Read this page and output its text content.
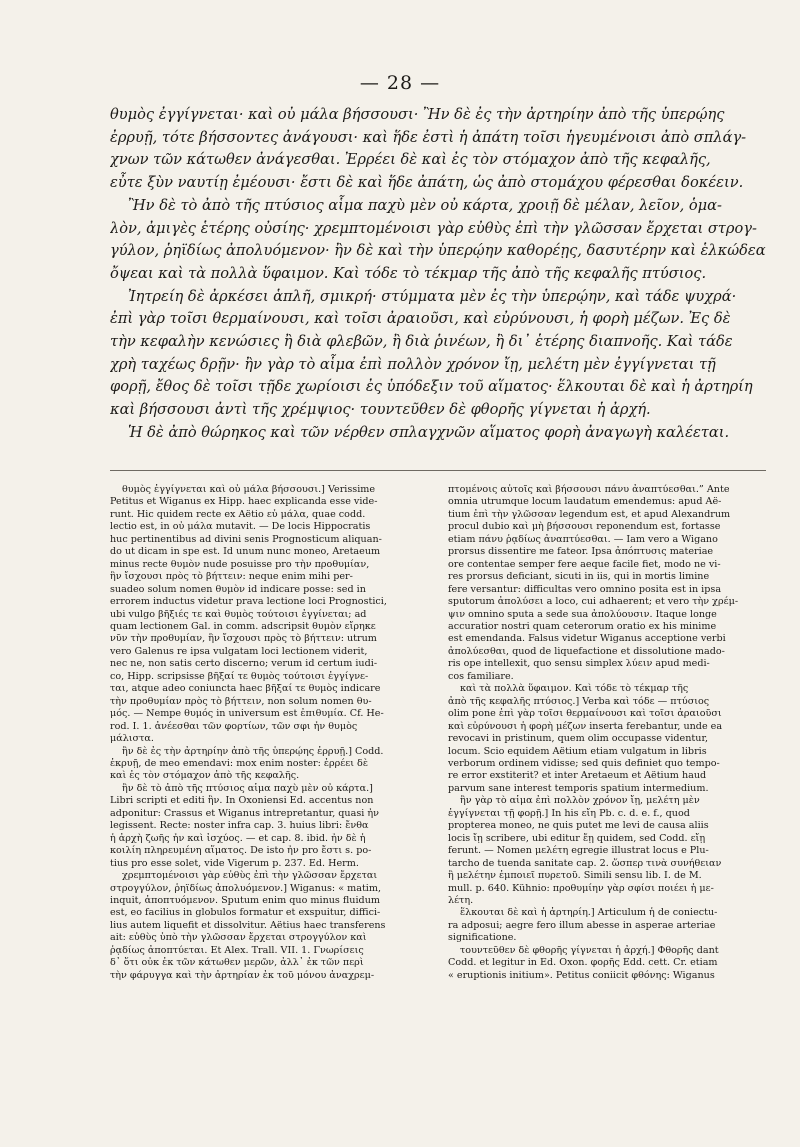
— 28 —
θυμὸς ἐγγίγνεται· καὶ οὐ μάλα βήσσουσι· Ἢν δὲ ἐς τὴν ἀρτηρίην ἀπὸ τῆς ὑπερῴης
ἐρρυῇ, τότε βήσσοντες ἀνάγουσι· καὶ ἥδε ἐστὶ ἡ ἀπάτη τοῖσι ἡγευμένοισι ἀπὸ σπλάγ-
χνων τῶν κάτωθεν ἀνάγεσθαι. Ἐρρέει δὲ καὶ ἐς τὸν στόμαχον ἀπὸ τῆς κεφαλῆς,
εὖτε ξὺν ναυτίῃ ἐμέουσι· ἔστι δὲ καὶ ἥδε ἀπάτη, ὡς ἀπὸ στομάχου φέρεσθαι δοκέειν.
Ἢν δὲ τὸ ἀπὸ τῆς πτύσιος αἷμα παχὺ μὲν οὐ κάρτα, χροιῇ δὲ μέλαν, λεῖον, ὁμα-
λὸν, ἀμιγὲς ἑτέρης οὐσίης· χρεμπτομένοισι γὰρ εὐθὺς ἐπὶ τὴν γλῶσσαν ἔρχεται στρογ-
γύλον, ῥηϊδίως ἀπολυόμενον· ἢν δὲ καὶ τὴν ὑπερῴην καθορέῃς, δασυτέρην καὶ ἑλκώδεα
ὄψεαι καὶ τὰ πολλὰ ὕφαιμον. Καὶ τόδε τὸ τέκμαρ τῆς ἀπὸ τῆς κεφαλῆς πτύσιος.
Ἰητρείη δὲ ἀρκέσει ἁπλῆ, σμικρή· στύμματα μὲν ἐς τὴν ὑπερῴην, καὶ τάδε ψυχρά·
ἐπὶ γὰρ τοῖσι θερμαίνουσι, καὶ τοῖσι ἀραιοῦσι, καὶ εὐρύνουσι, ἡ φορὴ μέζων. Ἐς δὲ
τὴν κεφαλὴν κενώσιες ἢ διὰ φλεβῶν, ἢ διὰ ῥινέων, ἢ δι᾽ ἑτέρης διαπνοῆς. Καὶ τάδε
χρὴ ταχέως δρῇν· ἢν γὰρ τὸ αἷμα ἐπὶ πολλὸν χρόνον ἴῃ, μελέτη μὲν ἐγγίγνεται τῇ
φορῇ, ἔθος δὲ τοῖσι τῇδε χωρίοισι ἐς ὑπόδεξιν τοῦ αἵματος· ἕλκουται δὲ καὶ ἡ ἀρτηρίη
καὶ βήσσουσι ἀντὶ τῆς χρέμψιος· τουντεῦθεν δὲ φθορῆς γίγνεται ἡ ἀρχή.
Ἡ δὲ ἀπὸ θώρηκος καὶ τῶν νέρθεν σπλαγχνῶν αἵματος φορὴ ἀναγωγὴ καλέεται.
θυμὸς ἐγγίγνεται καὶ οὐ μάλα βήσσουσι.] Verissime
Petitus et Wiganus ex Hipp. haec explicanda esse vide-
runt. Hic quidem recte ex Aëtio εὖ μάλα, quae codd.
lectio est, in οὐ μάλα mutavit. — De locis Hippocratis
huc pertinentibus ad divini senis Prognosticum aliquan-
do ut dicam in spe est. Id unum nunc moneo, Aretaeum
minus recte θυμὸν nude posuisse pro τὴν προθυμίαν,
ἣν ἴσχουσι πρὸς τὸ βήττειν: neque enim mihi per-
suadeo solum nomen θυμὸν id indicare posse: sed in
errorem inductus videtur prava lectione loci Prognostici,
ubi vulgo βῆξιές τε καὶ θυμὸς τούτοισι ἐγγίνεται; ad
quam lectionem Gal. in comm. adscripsit θυμὸν εἴρηκε
νῦν τὴν προθυμίαν, ἣν ἴσχουσι πρὸς τὸ βήττειν: utrum
vero Galenus re ipsa vulgatam loci lectionem viderit,
nec ne, non satis certo discerno; verum id certum iudi-
co, Hipp. scripsisse βῆξαί τε θυμὸς τούτοισι ἐγγίγνε-
ται, atque adeo coniuncta haec βῆξαί τε θυμὸς indicare
τὴν προθυμίαν πρὸς τὸ βήττειν, non solum nomen θυ-
μός. — Nempe θυμός in universum est ἐπιθυμία. Cf. He-
rod. I. 1. ἀνέεσθαι τῶν φορτίων, τῶν σφι ἦν θυμὸς
μάλιστα.
ἢν δὲ ἐς τὴν ἀρτηρίην ἀπὸ τῆς ὑπερῴης ἐρρυῇ.] Codd.
ἐκρυῇ, de meo emendavi: mox enim noster: ἐρρέει δὲ
καὶ ἐς τὸν στόμαχον ἀπὸ τῆς κεφαλῆς.
ἢν δὲ τὸ ἀπὸ τῆς πτύσιος αἷμα παχὺ μὲν οὐ κάρτα.]
Libri scripti et editi ἣν. In Oxoniensi Ed. accentus non
adponitur: Crassus et Wiganus intrepretantur, quasi ἦν
legissent. Recte: noster infra cap. 3. huius libri: ἔνθα
ἡ ἀρχὴ ζωῆς ἦν καὶ ἰσχύος. — et cap. 8. ibid. ἦν δὲ ἡ
κοιλίη πληρευμένη αἵματος. De isto ἦν pro ἔστι s. po-
tius pro esse solet, vide Vigerum p. 237. Ed. Herm.
χρεμπτομένοισι γὰρ εὐθὺς ἐπὶ τὴν γλῶσσαν ἔρχεται
στρογγύλον, ῥηϊδίως ἀπολυόμενον.] Wiganus: « matim,
inquit, ἀποπτυόμενον. Sputum enim quo minus fluidum
est, eo facilius in globulos formatur et exspuitur, diffici-
lius autem liquefit et dissolvitur. Aëtius haec transferens
ait: εὐθὺς ὑπὸ τὴν γλῶσσαν ἔρχεται στρογγύλον καὶ
ῥᾳδίως ἀποπτύεται. Et Alex. Trall. VII. 1. Γνωρίσεις
δ᾽ ὅτι οὐκ ἐκ τῶν κάτωθεν μερῶν, ἀλλ᾽ ἐκ τῶν περὶ
τὴν φάρυγγα καὶ τὴν ἀρτηρίαν ἐκ τοῦ μόνου ἀναχρεμ-
πτομένοις αὐτοῖς καὶ βήσσουσι πάνυ ἀναπτύεσθαι.” Ante
omnia utrumque locum laudatum emendemus: apud Aë-
tium ἐπὶ τὴν γλῶσσαν legendum est, et apud Alexandrum
procul dubio καὶ μὴ βήσσουσι reponendum est, fortasse
etiam πάνυ ῥᾳδίως ἀναπτύεσθαι. — Iam vero a Wigano
prorsus dissentire me fateor. Ipsa ἀπόπτυσις materiae
ore contentae semper fere aeque facile fiet, modo ne vi-
res prorsus deficiant, sicuti in iis, qui in mortis limine
fere versantur: difficultas vero omnino posita est in ipsa
sputorum ἀπολύσει a loco, cui adhaerent; et vero τὴν χρέμ-
ψιν omnino sputa a sede sua ἀπολύουσιν. Itaque longe
accuratior nostri quam ceterorum oratio ex his minime
est emendanda. Falsus videtur Wiganus acceptione verbi
ἀπολύεσθαι, quod de liquefactione et dissolutione mado-
ris ope intellexit, quo sensu simplex λύειν apud medi-
cos familiare.
καὶ τὰ πολλὰ ὕφαιμον. Καὶ τόδε τὸ τέκμαρ τῆς
ἀπὸ τῆς κεφαλῆς πτύσιος.] Verba καὶ τόδε — πτύσιος
olim pone ἐπὶ γὰρ τοῖσι θερμαίνουσι καὶ τοῖσι ἀραιοῦσι
καὶ εὐρύνουσι ἡ φορὴ μέζων inserta ferebantur, unde ea
revocavi in pristinum, quem olim occupasse videntur,
locum. Scio equidem Aëtium etiam vulgatum in libris
verborum ordinem vidisse; sed quis definiet quo tempo-
re error exstiterit? et inter Aretaeum et Aëtium haud
parvum sane interest temporis spatium intermedium.
ἢν γὰρ τὸ αἷμα ἐπὶ πολλὸν χρόνον ἴῃ, μελέτη μὲν
ἐγγίγνεται τῇ φορῇ.] In his εἴη Pb. c. d. e. f., quod
propterea moneo, ne quis putet me levi de causa aliis
locis ἴῃ scribere, ubi editur ἔῃ quidem, sed Codd. εἴῃ
ferunt. — Nomen μελέτη egregie illustrat locus e Plu-
tarcho de tuenda sanitate cap. 2. ὥσπερ τινὰ συνήθειαν
ἢ μελέτην ἐμποιεῖ πυρετοῦ. Simili sensu lib. I. de M.
mull. p. 640. Kühnio: προθυμίην γὰρ σφίσι ποιέει ἡ με-
λέτη.
ἕλκουται δὲ καὶ ἡ ἀρτηρίη.] Articulum ἡ de coniectu-
ra adposui; aegre fero illum abesse in asperae arteriae
significatione.
τουντεῦθεν δὲ φθορῆς γίγνεται ἡ ἀρχή.] Φθορῆς dant
Codd. et legitur in Ed. Oxon. φορῆς Edd. cett. Cr. etiam
« eruptionis initium». Petitus coniicit φθόνης: Wiganus
